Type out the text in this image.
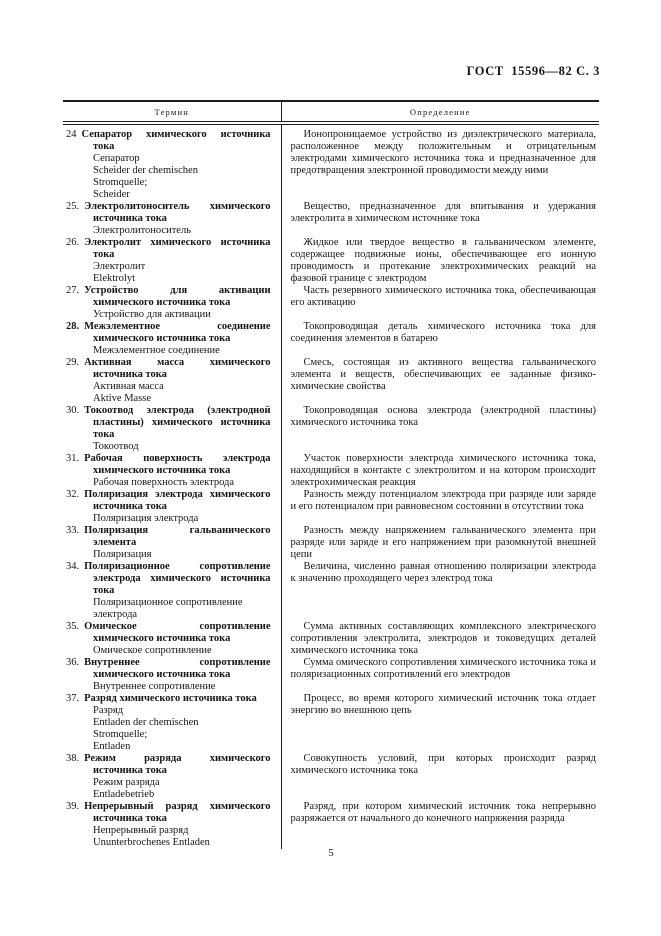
ГОСТ  15596—82 С. 3
Термин	Определение

24 Сепаратор химического источника тока
Сепаратор
Scheider der chemischen
Stromquelle;
Scheider

Ионопроницаемое устройство из диэлектрического материала, расположенное между положительным и отрицательным электродами химического источника тока и предназначенное для предотвращения электронной проводимости между ними

25. Электролитоноситель химического источника тока
Электролитоноситель	Вещество, предназначенное для впитывания и удержания электролита в химическом источнике тока

26. Электролит химического источника тока
Электролит
Elektrolyt	Жидкое или твердое вещество в гальваническом элементе, содержащее подвижные ионы, обеспечивающее его ионную проводимость и протекание электрохимических реакций на фазовой границе с электродом

27. Устройство для активации химического источника тока
Устройство для активации	Часть резервного химического источника тока, обеспечивающая его активацию

28. Межэлементное соединение химического источника тока
Межэлементное соединение	Токопроводящая деталь химического источника тока для соединения элементов в батарею

29. Активная масса химического источника тока
Активная масса
Aktive Masse	Смесь, состоящая из активного вещества гальванического элемента и веществ, обеспечивающих ее заданные физико-химические свойства

30. Токоотвод электрода (электродной пластины) химического источника тока
Токоотвод	Токопроводящая основа электрода (электродной пластины) химического источника тока

31. Рабочая поверхность электрода химического источника тока
Рабочая поверхность электрода	Участок поверхности электрода химического источника тока, находящийся в контакте с электролитом и на котором происходит электрохимическая реакция

32. Поляризация электрода химического источника тока
Поляризация электрода	Разность между потенциалом электрода при разряде или заряде и его потенциалом при равновесном состоянии в отсутствии тока

33. Поляризация гальванического элемента
Поляризация	Разность между напряжением гальванического элемента при разряде или заряде и его напряжением при разомкнутой внешней цепи

34. Поляризационное сопротивление электрода химического источника тока
Поляризационное сопротивление
электрода	Величина, численно равная отношению поляризации электрода к значению проходящего через электрод тока

35. Омическое сопротивление химического источника тока
Омическое сопротивление	Сумма активных составляющих комплексного электрического сопротивления электролита, электродов и токоведущих деталей химического источника тока

36. Внутреннее сопротивление химического источника тока
Внутреннее сопротивление	Сумма омического сопротивления химического источника тока и поляризационных сопротивлений его электродов

37. Разряд химического источника тока
Разряд
Entladen der chemischen
Stromquelle;
Entladen	Процесс, во время которого химический источник тока отдает энергию во внешнюю цепь

38. Режим разряда химического источника тока
Режим разряда
Entladebetrieb	Совокупность условий, при которых происходит разряд химического источника тока

39. Непрерывный разряд химического источника тока
Непрерывный разряд
Ununterbrochenes Entladen	Разряд, при котором химический источник тока непрерывно разряжается от начального до конечного напряжения разряда

5
